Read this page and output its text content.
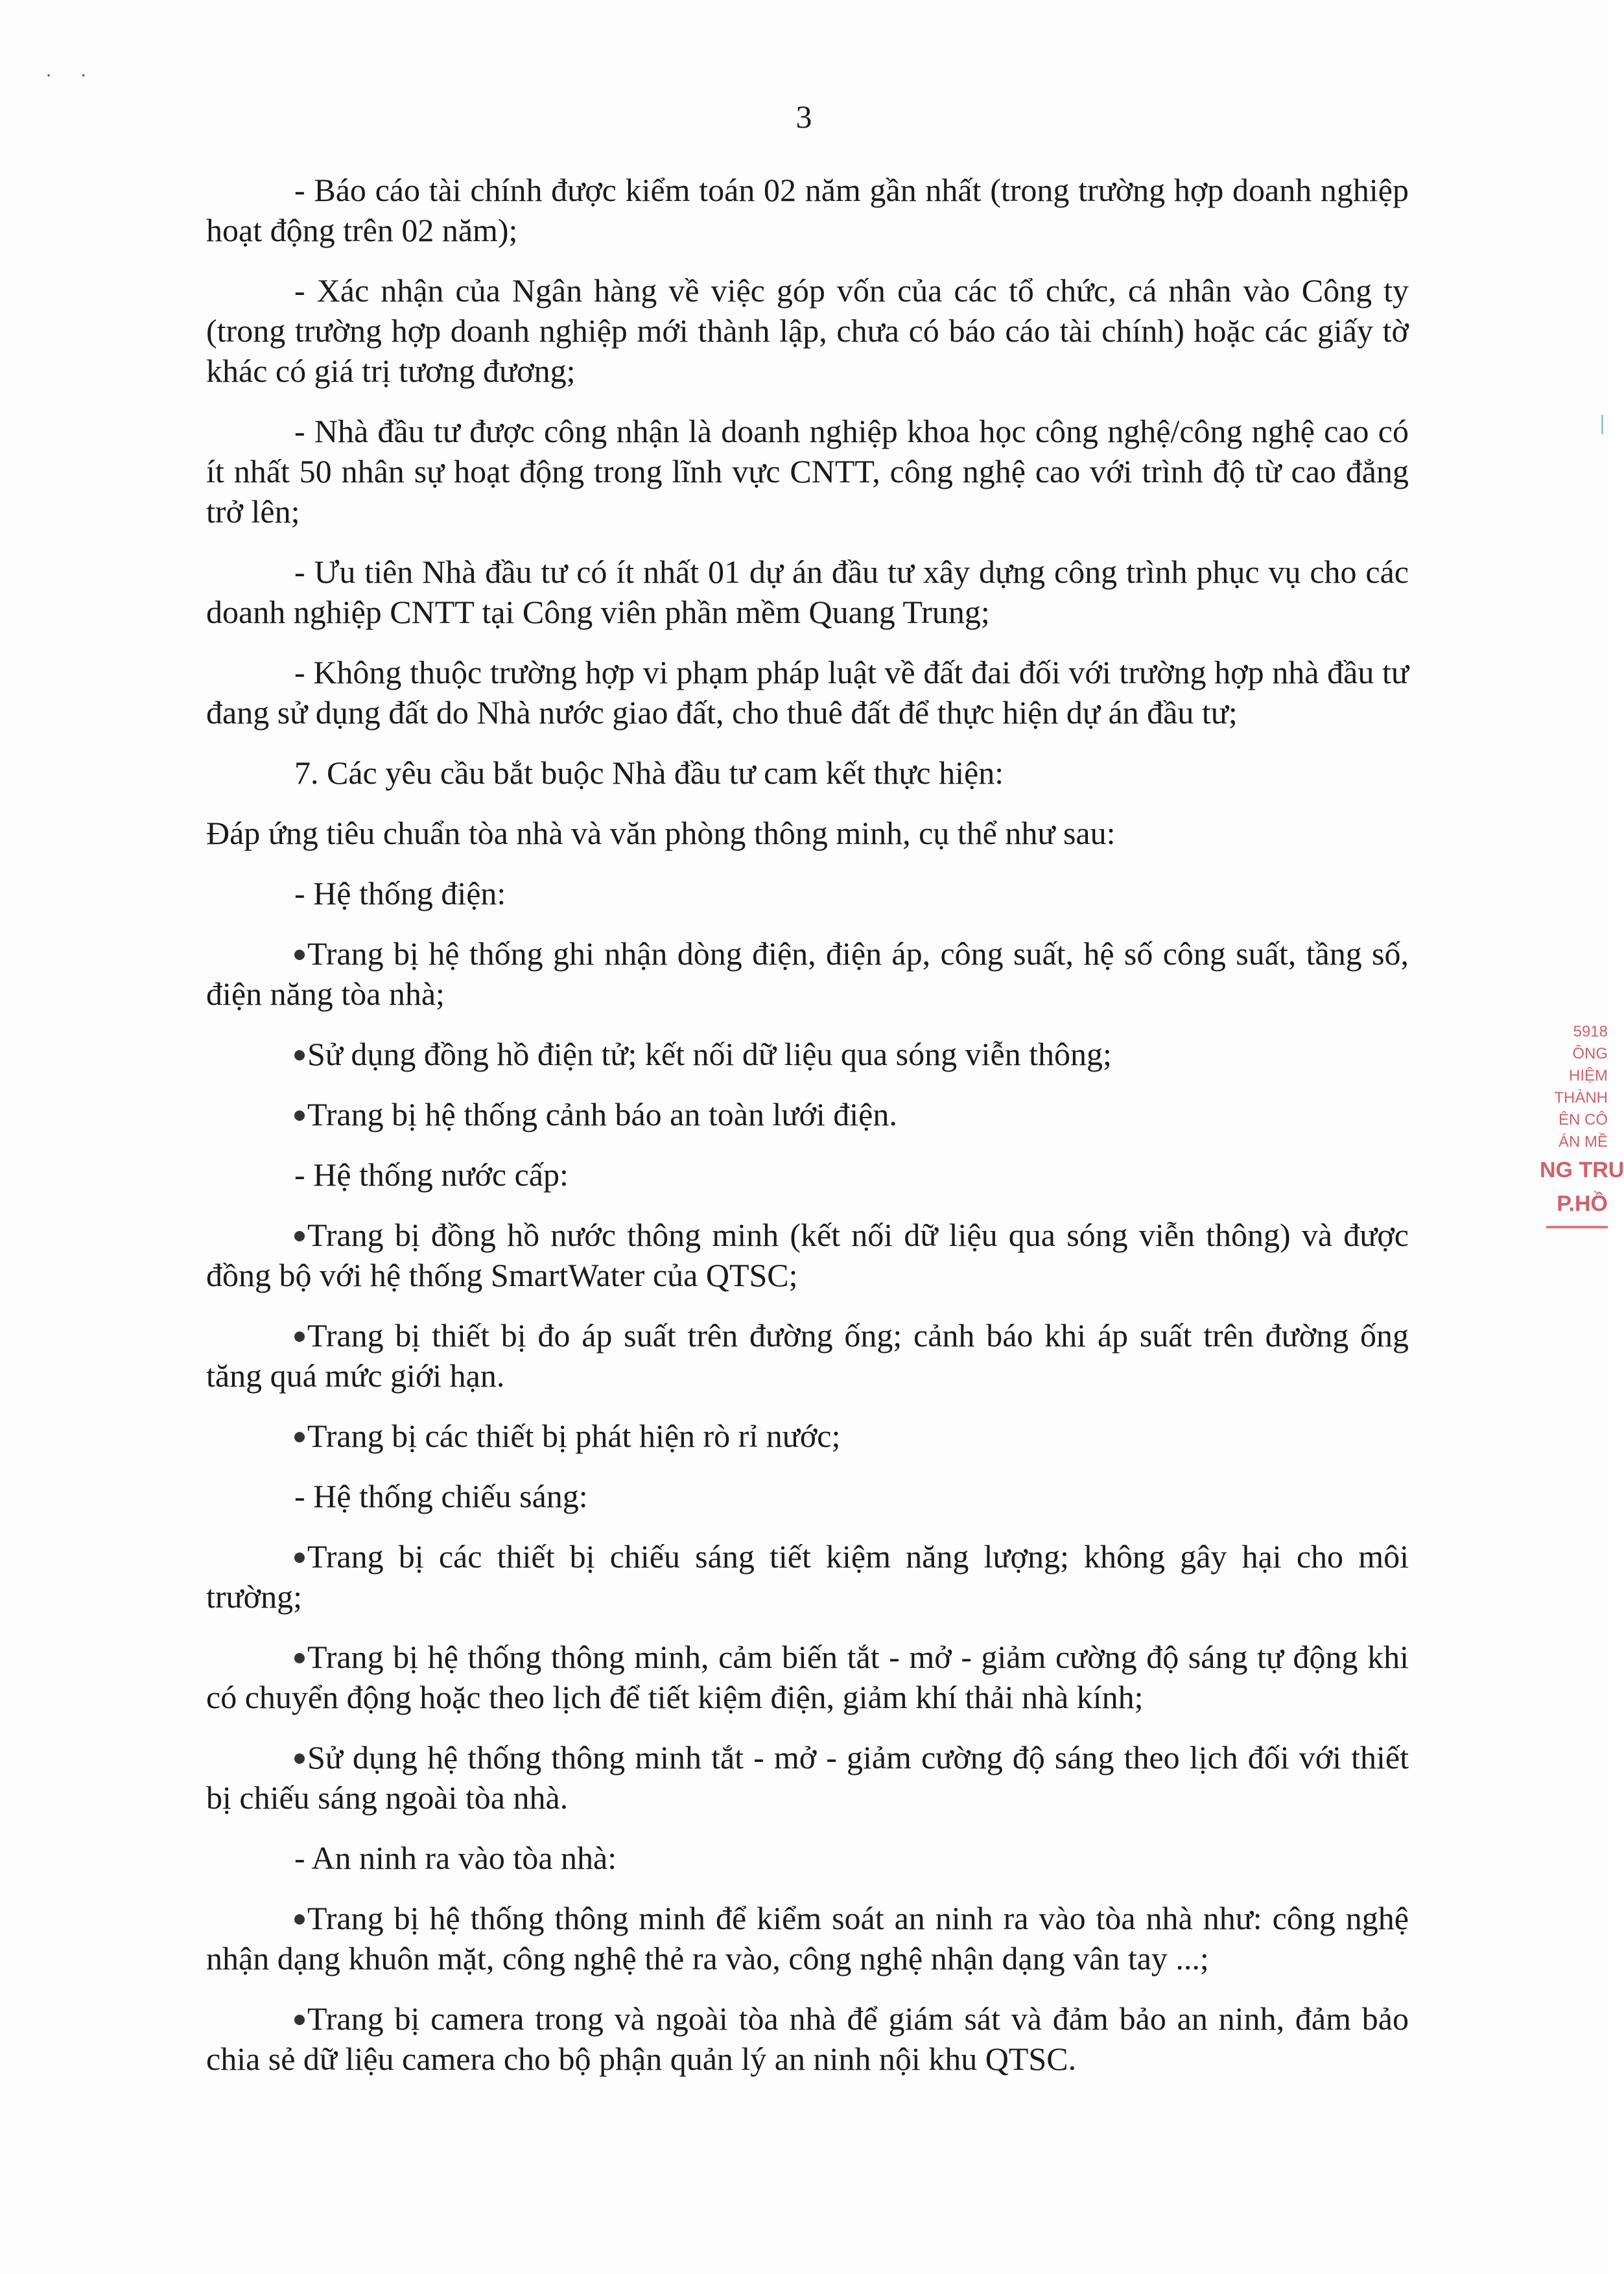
· ·
3

- Báo cáo tài chính được kiểm toán 02 năm gần nhất (trong trường hợp doanh nghiệp hoạt động trên 02 năm);

- Xác nhận của Ngân hàng về việc góp vốn của các tổ chức, cá nhân vào Công ty (trong trường hợp doanh nghiệp mới thành lập, chưa có báo cáo tài chính) hoặc các giấy tờ khác có giá trị tương đương;

- Nhà đầu tư được công nhận là doanh nghiệp khoa học công nghệ/công nghệ cao có ít nhất 50 nhân sự hoạt động trong lĩnh vực CNTT, công nghệ cao với trình độ từ cao đẳng trở lên;

- Ưu tiên Nhà đầu tư có ít nhất 01 dự án đầu tư xây dựng công trình phục vụ cho các doanh nghiệp CNTT tại Công viên phần mềm Quang Trung;

- Không thuộc trường hợp vi phạm pháp luật về đất đai đối với trường hợp nhà đầu tư đang sử dụng đất do Nhà nước giao đất, cho thuê đất để thực hiện dự án đầu tư;

7. Các yêu cầu bắt buộc Nhà đầu tư cam kết thực hiện:

Đáp ứng tiêu chuẩn tòa nhà và văn phòng thông minh, cụ thể như sau:

- Hệ thống điện:

Trang bị hệ thống ghi nhận dòng điện, điện áp, công suất, hệ số công suất, tầng số, điện năng tòa nhà;

Sử dụng đồng hồ điện tử; kết nối dữ liệu qua sóng viễn thông;

Trang bị hệ thống cảnh báo an toàn lưới điện.

- Hệ thống nước cấp:

Trang bị đồng hồ nước thông minh (kết nối dữ liệu qua sóng viễn thông) và được đồng bộ với hệ thống SmartWater của QTSC;

Trang bị thiết bị đo áp suất trên đường ống; cảnh báo khi áp suất trên đường ống tăng quá mức giới hạn.

Trang bị các thiết bị phát hiện rò rỉ nước;

- Hệ thống chiếu sáng:

Trang bị các thiết bị chiếu sáng tiết kiệm năng lượng; không gây hại cho môi trường;

Trang bị hệ thống thông minh, cảm biến tắt - mở - giảm cường độ sáng tự động khi có chuyển động hoặc theo lịch để tiết kiệm điện, giảm khí thải nhà kính;

Sử dụng hệ thống thông minh tắt - mở - giảm cường độ sáng theo lịch đối với thiết bị chiếu sáng ngoài tòa nhà.

- An ninh ra vào tòa nhà:

Trang bị hệ thống thông minh để kiểm soát an ninh ra vào tòa nhà như: công nghệ nhận dạng khuôn mặt, công nghệ thẻ ra vào, công nghệ nhận dạng vân tay ...;

Trang bị camera trong và ngoài tòa nhà để giám sát và đảm bảo an ninh, đảm bảo chia sẻ dữ liệu camera cho bộ phận quản lý an ninh nội khu QTSC.

5918
ÔNG
HIỆM
THÀNH
ÊN CÔ
ÁN MỀ
NG TRU
P.HỒ
